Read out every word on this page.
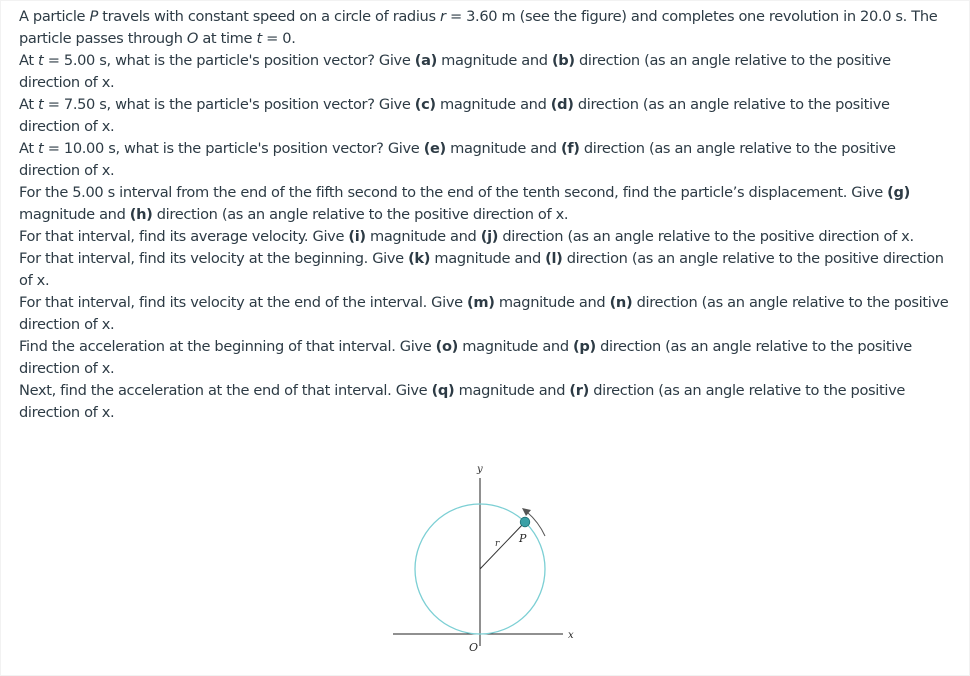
A particle P travels with constant speed on a circle of radius r = 3.60 m (see the figure) and completes one revolution in 20.0 s. The particle passes through O at time t = 0.

At t = 5.00 s, what is the particle's position vector? Give (a) magnitude and (b) direction (as an angle relative to the positive direction of x.

At t = 7.50 s, what is the particle's position vector? Give (c) magnitude and (d) direction (as an angle relative to the positive direction of x.

At t = 10.00 s, what is the particle's position vector? Give (e) magnitude and (f) direction (as an angle relative to the positive direction of x.

For the 5.00 s interval from the end of the fifth second to the end of the tenth second, find the particle’s displacement. Give (g) magnitude and (h) direction (as an angle relative to the positive direction of x.

For that interval, find its average velocity. Give (i) magnitude and (j) direction (as an angle relative to the positive direction of x.

For that interval, find its velocity at the beginning. Give (k) magnitude and (l) direction (as an angle relative to the positive direction of x.

For that interval, find its velocity at the end of the interval. Give (m) magnitude and (n) direction (as an angle relative to the positive direction of x.

Find the acceleration at the beginning of that interval. Give (o) magnitude and (p) direction (as an angle relative to the positive direction of x.

Next, find the acceleration at the end of that interval. Give (q) magnitude and (r) direction (as an angle relative to the positive direction of x.

y
x
r P
O
